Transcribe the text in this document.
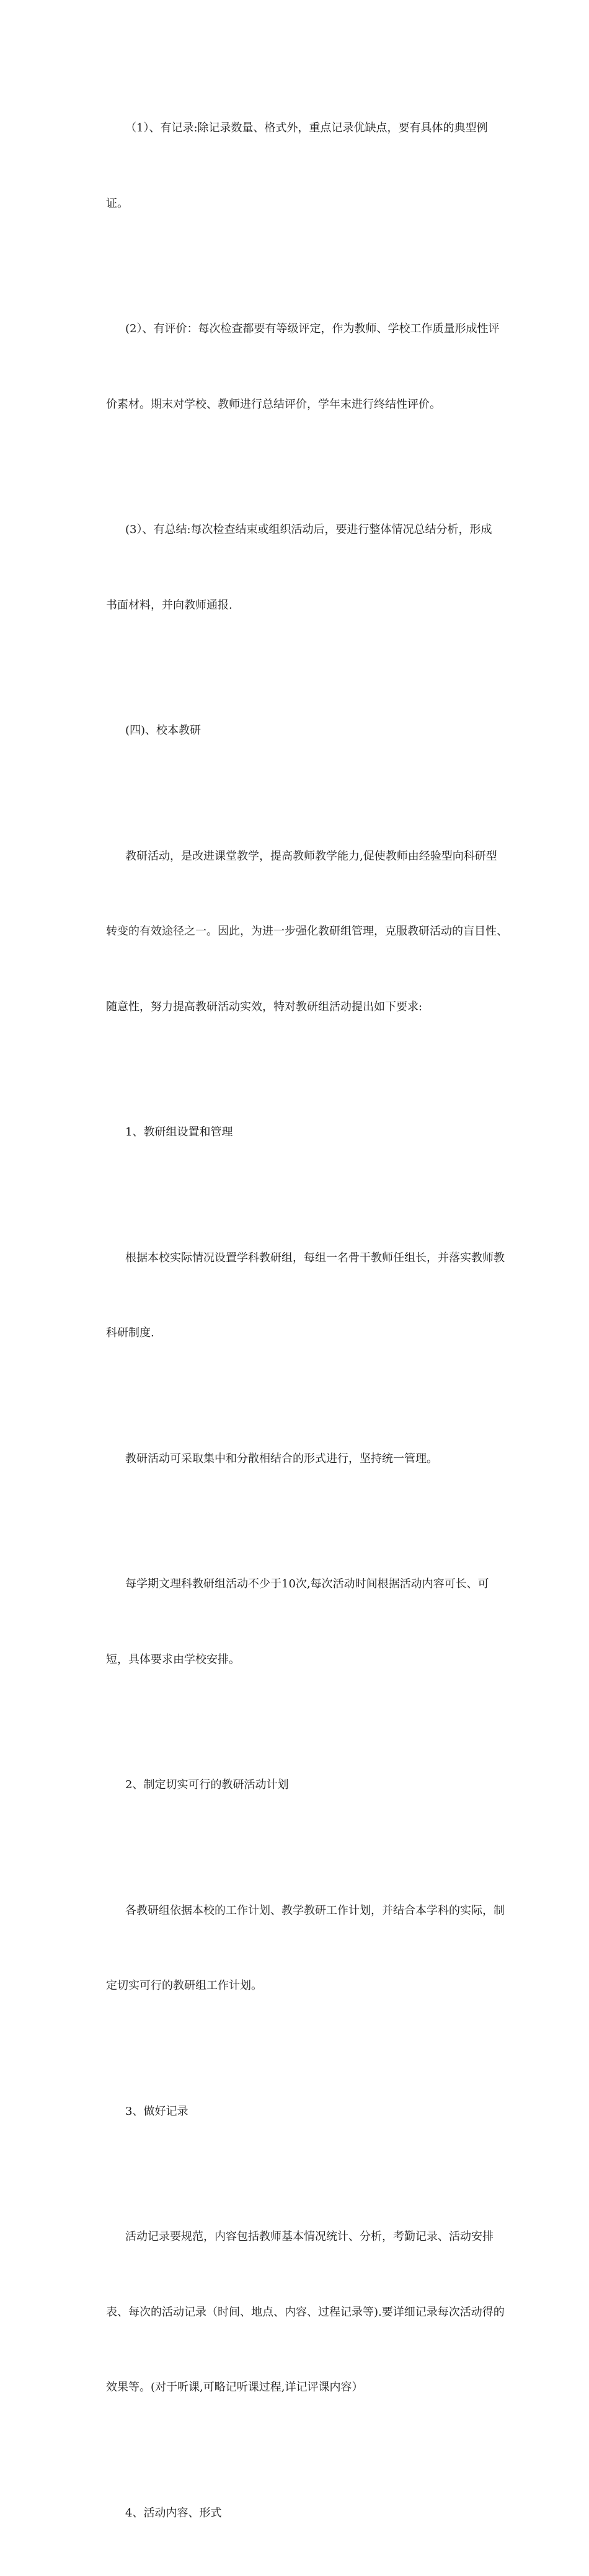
（1）、有记录:除记录数量、格式外，重点记录优缺点，要有具体的典型例

证。

(2）、有评价：每次检查都要有等级评定，作为教师、学校工作质量形成性评

价素材。期末对学校、教师进行总结评价，学年末进行终结性评价。

(3）、有总结:每次检查结束或组织活动后，要进行整体情况总结分析，形成

书面材料，并向教师通报.

(四)、校本教研

教研活动，是改进课堂教学，提高教师教学能力,促使教师由经验型向科研型

转变的有效途径之一。因此，为进一步强化教研组管理，克服教研活动的盲目性、

随意性，努力提高教研活动实效，特对教研组活动提出如下要求:

1、教研组设置和管理

根据本校实际情况设置学科教研组，每组一名骨干教师任组长，并落实教师教

科研制度.

教研活动可采取集中和分散相结合的形式进行，坚持统一管理。

每学期文理科教研组活动不少于10次,每次活动时间根据活动内容可长、可

短，具体要求由学校安排。

2、制定切实可行的教研活动计划

各教研组依据本校的工作计划、教学教研工作计划，并结合本学科的实际，制

定切实可行的教研组工作计划。

3、做好记录

活动记录要规范，内容包括教师基本情况统计、分析，考勤记录、活动安排

表、每次的活动记录（时间、地点、内容、过程记录等).要详细记录每次活动得的

效果等。(对于听课,可略记听课过程,详记评课内容）

4、活动内容、形式
